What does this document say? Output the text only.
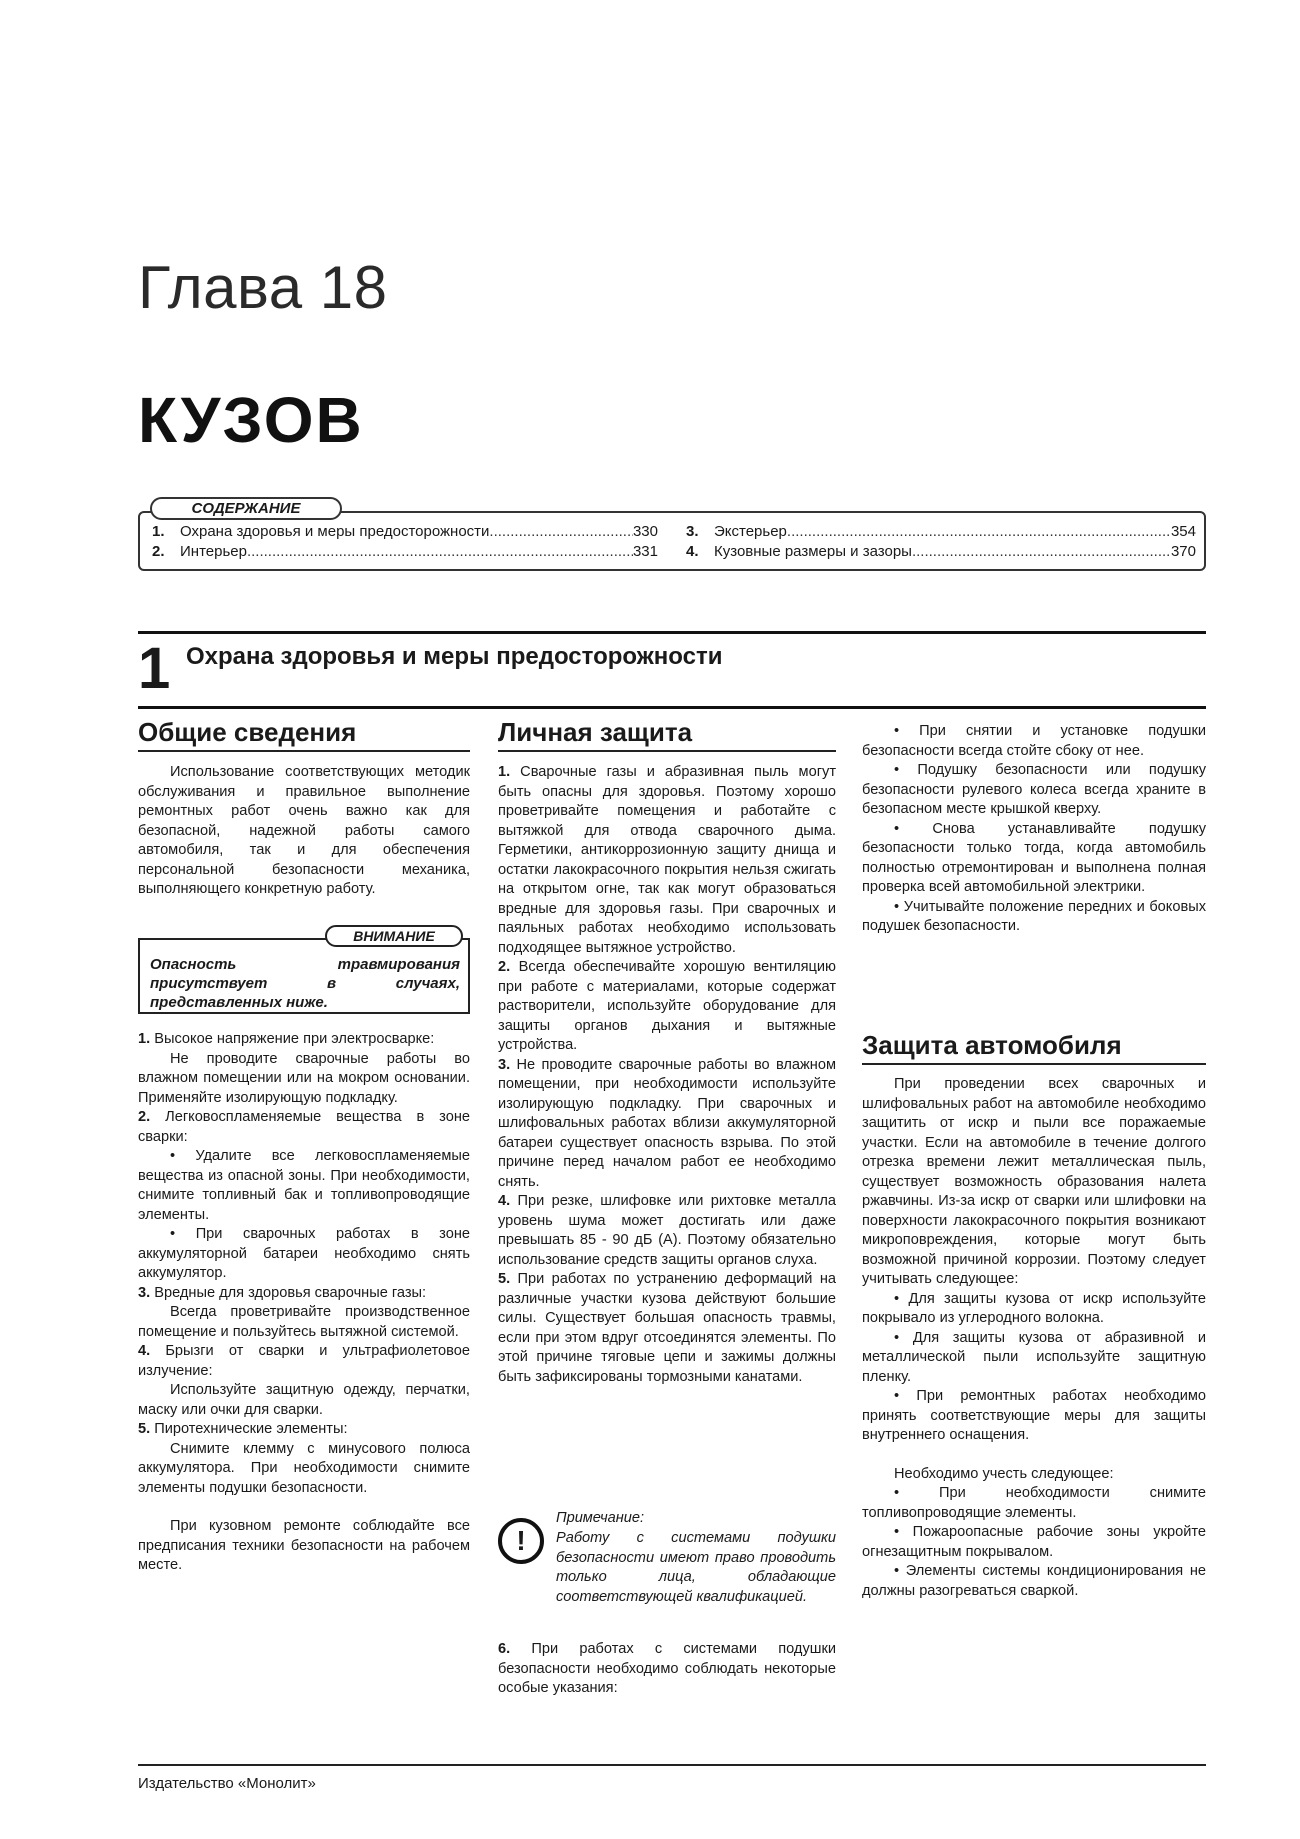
Глава 18
КУЗОВ
СОДЕРЖАНИЕ
1.	Охрана здоровья и меры предосторожности .....	330
2.	Интерьер .....	331
3.	Экстерьер .....	354
4.	Кузовные размеры и зазоры .....	370
1 Охрана здоровья и меры предосторожности
Общие сведения

Использование соответствующих методик обслуживания и правильное выполнение ремонтных работ очень важно как для безопасной, надежной работы самого автомобиля, так и для обеспечения персональной безопасности механика, выполняющего конкретную работу.

ВНИМАНИЕ
Опасность травмирования присутствует в случаях, представленных ниже.

1. Высокое напряжение при электросварке:

Не проводите сварочные работы во влажном помещении или на мокром основании. Применяйте изолирующую подкладку.

2. Легковоспламеняемые вещества в зоне сварки:

• Удалите все легковоспламеняемые вещества из опасной зоны. При необходимости, снимите топливный бак и топливопроводящие элементы.

• При сварочных работах в зоне аккумуляторной батареи необходимо снять аккумулятор.

3. Вредные для здоровья сварочные газы:

Всегда проветривайте производственное помещение и пользуйтесь вытяжной системой.

4. Брызги от сварки и ультрафиолетовое излучение:

Используйте защитную одежду, перчатки, маску или очки для сварки.

5. Пиротехнические элементы:

Снимите клемму с минусового полюса аккумулятора. При необходимости снимите элементы подушки безопасности.

При кузовном ремонте соблюдайте все предписания техники безопасности на рабочем месте.

Личная защита

1. Сварочные газы и абразивная пыль могут быть опасны для здоровья. Поэтому хорошо проветривайте помещения и работайте с вытяжкой для отвода сварочного дыма. Герметики, антикоррозионную защиту днища и остатки лакокрасочного покрытия нельзя сжигать на открытом огне, так как могут образоваться вредные для здоровья газы. При сварочных и паяльных работах необходимо использовать подходящее вытяжное устройство.

2. Всегда обеспечивайте хорошую вентиляцию при работе с материалами, которые содержат растворители, используйте оборудование для защиты органов дыхания и вытяжные устройства.

3. Не проводите сварочные работы во влажном помещении, при необходимости используйте изолирующую подкладку. При сварочных и шлифовальных работах вблизи аккумуляторной батареи существует опасность взрыва. По этой причине перед началом работ ее необходимо снять.

4. При резке, шлифовке или рихтовке металла уровень шума может достигать или даже превышать 85 - 90 дБ (А). Поэтому обязательно использование средств защиты органов слуха.

5. При работах по устранению деформаций на различные участки кузова действуют большие силы. Существует большая опасность травмы, если при этом вдруг отсоединятся элементы. По этой причине тяговые цепи и зажимы должны быть зафиксированы тормозными канатами.

!
Примечание:
Работу с системами подушки безопасности имеют право проводить только лица, обладающие соответствующей квалификацией.

6. При работах с системами подушки безопасности необходимо соблюдать некоторые особые указания:

• При снятии и установке подушки безопасности всегда стойте сбоку от нее.

• Подушку безопасности или подушку безопасности рулевого колеса всегда храните в безопасном месте крышкой кверху.

• Снова устанавливайте подушку безопасности только тогда, когда автомобиль полностью отремонтирован и выполнена полная проверка всей автомобильной электрики.

• Учитывайте положение передних и боковых подушек безопасности.

Защита автомобиля

При проведении всех сварочных и шлифовальных работ на автомобиле необходимо защитить от искр и пыли все поражаемые участки. Если на автомобиле в течение долгого отрезка времени лежит металлическая пыль, существует возможность образования налета ржавчины. Из-за искр от сварки или шлифовки на поверхности лакокрасочного покрытия возникают микроповреждения, которые могут быть возможной причиной коррозии. Поэтому следует учитывать следующее:

• Для защиты кузова от искр используйте покрывало из углеродного волокна.

• Для защиты кузова от абразивной и металлической пыли используйте защитную пленку.

• При ремонтных работах необходимо принять соответствующие меры для защиты внутреннего оснащения.

Необходимо учесть следующее:

• При необходимости снимите топливопроводящие элементы.

• Пожароопасные рабочие зоны укройте огнезащитным покрывалом.

• Элементы системы кондиционирования не должны разогреваться сваркой.

Издательство «Монолит»
